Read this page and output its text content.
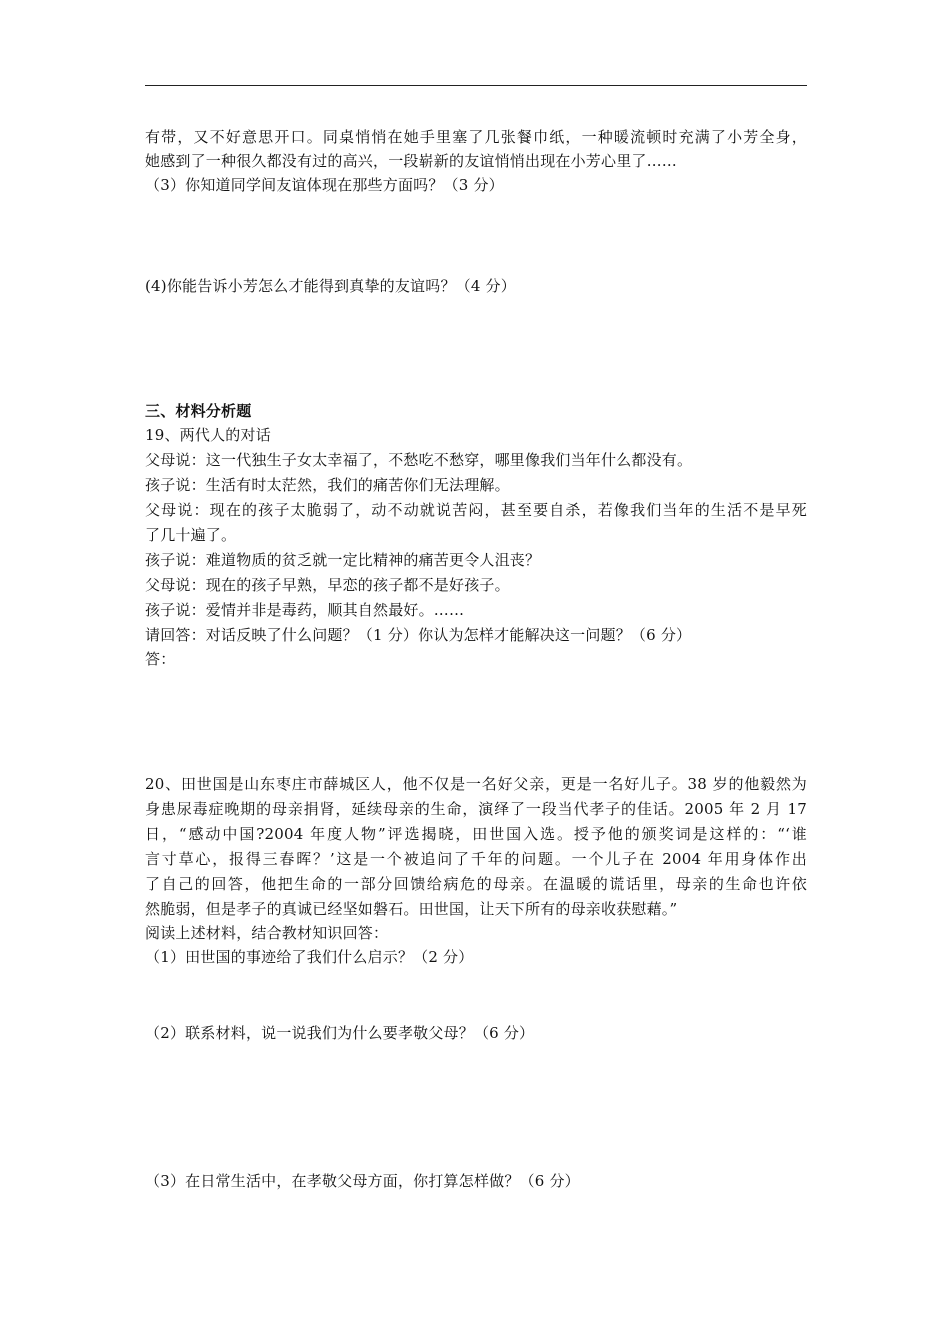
有带，又不好意思开口。同桌悄悄在她手里塞了几张餐巾纸，一种暖流顿时充满了小芳全身，
她感到了一种很久都没有过的高兴，一段崭新的友谊悄悄出现在小芳心里了……
（3）你知道同学间友谊体现在那些方面吗？（3 分）
(4)你能告诉小芳怎么才能得到真挚的友谊吗？（4 分）
三、材料分析题
19、两代人的对话
父母说：这一代独生子女太幸福了，不愁吃不愁穿，哪里像我们当年什么都没有。
孩子说：生活有时太茫然，我们的痛苦你们无法理解。
父母说：现在的孩子太脆弱了，动不动就说苦闷，甚至要自杀，若像我们当年的生活不是早死
了几十遍了。
孩子说：难道物质的贫乏就一定比精神的痛苦更令人沮丧？
父母说：现在的孩子早熟，早恋的孩子都不是好孩子。
孩子说：爱情并非是毒药，顺其自然最好。……
请回答：对话反映了什么问题？（1 分）你认为怎样才能解决这一问题？（6 分）
答：
20、田世国是山东枣庄市薛城区人，他不仅是一名好父亲，更是一名好儿子。38 岁的他毅然为
身患尿毒症晚期的母亲捐肾，延续母亲的生命，演绎了一段当代孝子的佳话。2005 年 2 月 17
日，“感动中国?2004 年度人物”评选揭晓，田世国入选。授予他的颁奖词是这样的：“‘谁
言寸草心，报得三春晖？’这是一个被追问了千年的问题。一个儿子在 2004 年用身体作出
了自己的回答，他把生命的一部分回馈给病危的母亲。在温暖的谎话里，母亲的生命也许依
然脆弱，但是孝子的真诚已经坚如磐石。田世国，让天下所有的母亲收获慰藉。”
阅读上述材料，结合教材知识回答：
（1）田世国的事迹给了我们什么启示？（2 分）
（2）联系材料，说一说我们为什么要孝敬父母？（6 分）
（3）在日常生活中，在孝敬父母方面，你打算怎样做？（6 分）
